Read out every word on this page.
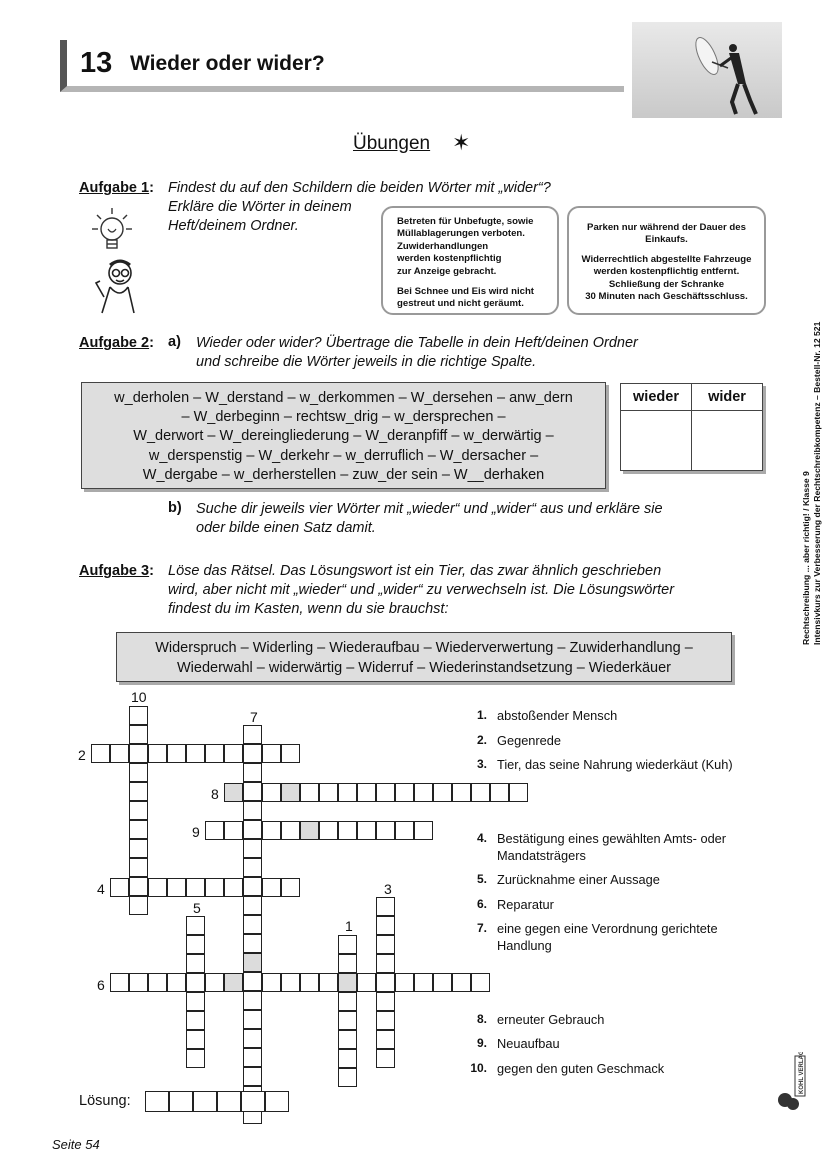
13 Wieder oder wider?
Übungen ✶
Aufgabe 1: Findest du auf den Schildern die beiden Wörter mit „wider“?
Erkläre die Wörter in deinem
Heft/deinem Ordner.	Betreten für Unbefugte, sowie
Müllablagerungen verboten.
Zuwiderhandlungen
werden kostenpflichtig
zur Anzeige gebracht.
Bei Schnee und Eis wird nicht
gestreut und nicht geräumt.
Parken nur während der Dauer des
Einkaufs.
Widerrechtlich abgestellte Fahrzeuge
werden kostenpflichtig entfernt.
Schließung der Schranke
30 Minuten nach Geschäftsschluss.
Aufgabe 2: a) Wieder oder wider? Übertrage die Tabelle in dein Heft/deinen Ordner
und schreibe die Wörter jeweils in die richtige Spalte.
w_derholen – W_derstand – w_derkommen – W_dersehen – anw_dern
– W_derbeginn – rechtsw_drig – w_dersprechen –
W_derwort – W_dereingliederung – W_deranpfiff – w_derwärtig –
w_derspenstig – W_derkehr – w_derruflich – W_dersacher –
W_dergabe – w_derherstellen – zuw_der sein – W__derhaken
wieder	wider

b) Suche dir jeweils vier Wörter mit „wieder“ und „wider“ aus und erkläre sie
oder bilde einen Satz damit.
Aufgabe 3: Löse das Rätsel. Das Lösungswort ist ein Tier, das zwar ähnlich geschrieben
wird, aber nicht mit „wieder“ und „wider“ zu verwechseln ist. Die Lösungswörter
findest du im Kasten, wenn du sie brauchst:
Widerspruch – Widerling – Wiederaufbau – Wiederverwertung – Zuwiderhandlung –
Wiederwahl – widerwärtig – Widerruf – Wiederinstandsetzung – Wiederkäuer
10
7
2
8
9
4	3
5
1
6
1. abstoßender Mensch
2. Gegenrede
3. Tier, das seine Nahrung wiederkäut (Kuh)
4. Bestätigung eines gewählten Amts- oder Mandatsträgers
5. Zurücknahme einer Aussage
6. Reparatur
7. eine gegen eine Verordnung gerichtete Handlung
8. erneuter Gebrauch
9. Neuaufbau
10. gegen den guten Geschmack
Lösung:
Rechtschreibung ... aber richtig! / Klasse 9 Intensivkurs zur Verbesserung der Rechtschreibkompetenz – Bestell-Nr. 12 521
KOHL VERLAG
Seite 54
